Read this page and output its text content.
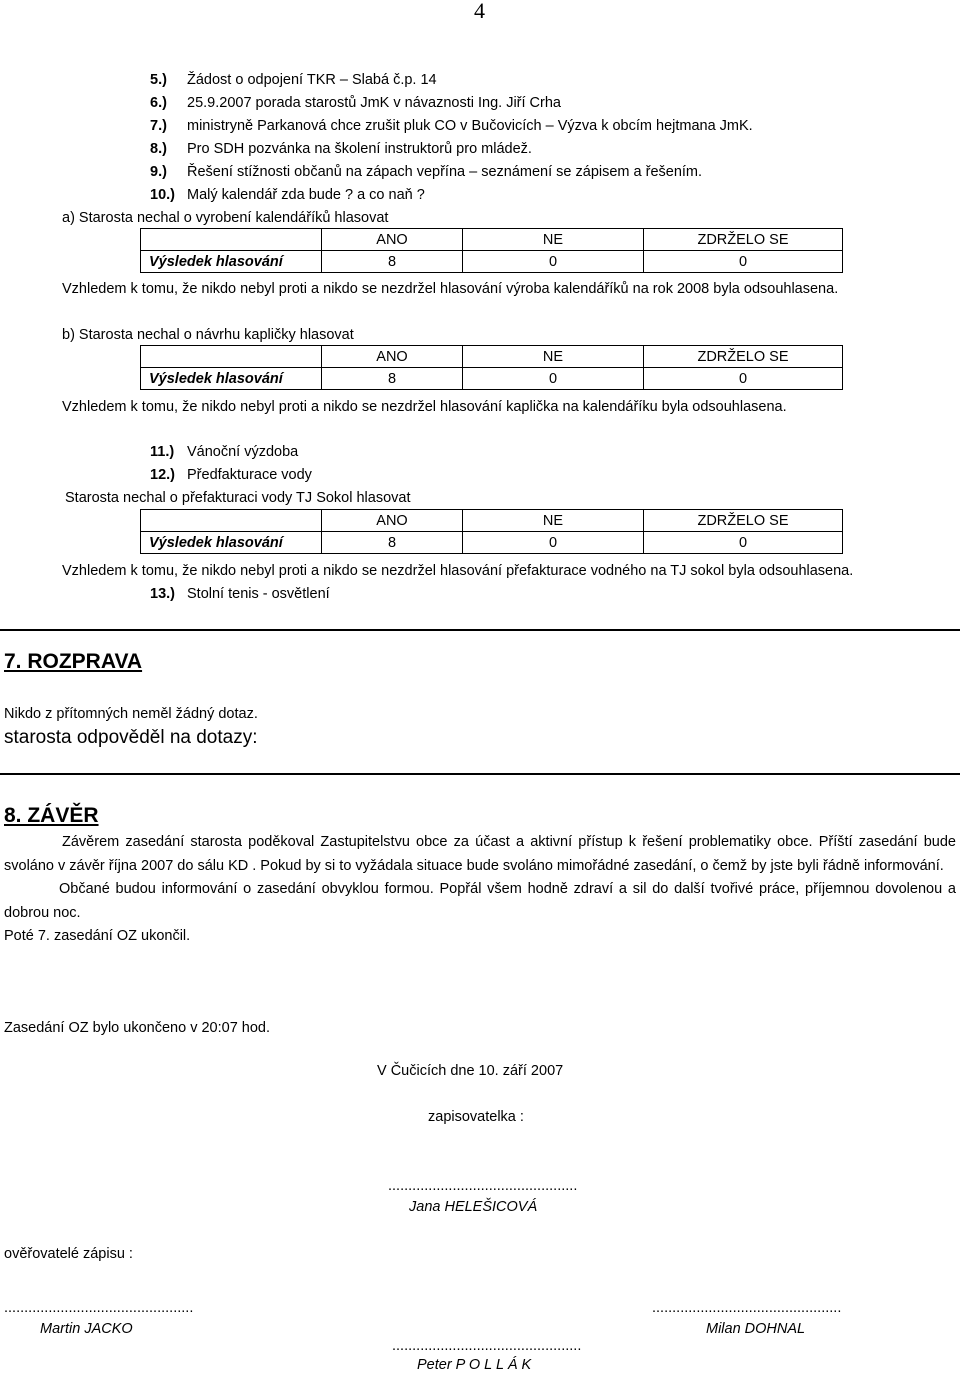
4
5.) Žádost o odpojení TKR – Slabá č.p. 14
6.) 25.9.2007 porada starostů JmK v návaznosti Ing. Jiří Crha
7.) ministryně Parkanová chce zrušit pluk CO v Bučovicích – Výzva k obcím hejtmana JmK.
8.) Pro SDH pozvánka na školení instruktorů pro mládež.
9.) Řešení stížnosti občanů na zápach vepřína – seznámení se zápisem a řešením.
10.) Malý kalendář zda bude ? a co naň ?
a) Starosta nechal o vyrobení kalendáříků hlasovat
	ANO	NE	ZDRŽELO SE
Výsledek hlasování	8	0	0
Vzhledem k tomu, že nikdo nebyl proti a nikdo se nezdržel hlasování výroba kalendáříků na rok 2008 byla odsouhlasena.
b) Starosta nechal o návrhu kapličky hlasovat
	ANO	NE	ZDRŽELO SE
Výsledek hlasování	8	0	0
Vzhledem k tomu, že nikdo nebyl proti a nikdo se nezdržel hlasování kaplička na kalendáříku byla odsouhlasena.
11.) Vánoční výzdoba
12.) Předfakturace vody
Starosta nechal o přefakturaci vody TJ Sokol hlasovat
	ANO	NE	ZDRŽELO SE
Výsledek hlasování	8	0	0
Vzhledem k tomu, že nikdo nebyl proti a nikdo se nezdržel hlasování přefakturace vodného na TJ sokol byla odsouhlasena.
13.) Stolní tenis - osvětlení
7. ROZPRAVA
Nikdo z přítomných neměl žádný dotaz.
starosta odpověděl na dotazy:
8. ZÁVĚR

Závěrem zasedání starosta poděkoval Zastupitelstvu obce za účast a aktivní přístup k řešení problematiky obce. Příští zasedání bude svoláno v závěr října 2007 do sálu KD . Pokud by si to vyžádala situace bude svoláno mimořádné zasedání, o čemž by jste byli řádně informování.

Občané budou informování o zasedání obvyklou formou. Popřál všem hodně zdraví a sil do další tvořivé práce, příjemnou dovolenou a dobrou noc.

Poté 7. zasedání OZ ukončil.

Zasedání OZ bylo ukončeno v 20:07 hod.
V Čučicích dne 10. září 2007
zapisovatelka :
...............................................
Jana HELEŠICOVÁ
ověřovatelé zápisu :
...............................................
Martin JACKO
...............................................
Milan DOHNAL
...............................................
Peter P O L L Á K
